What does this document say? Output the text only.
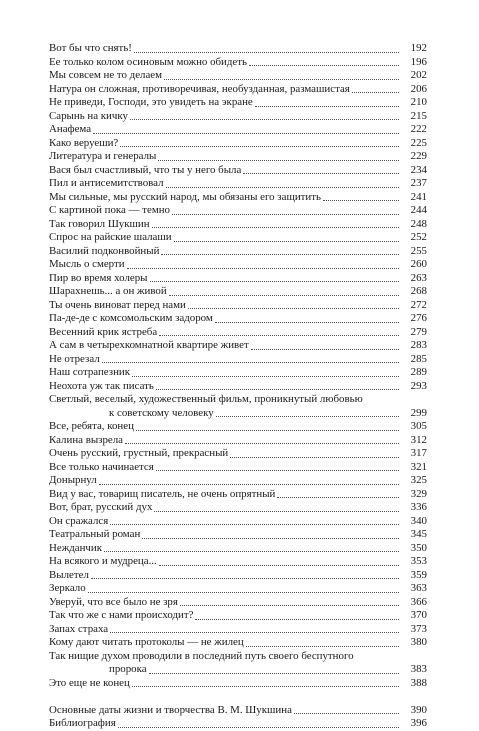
Вот бы что снять!	192
Ее только колом осиновым можно обидеть	196
Мы совсем не то делаем	202
Натура он сложная, противоречивая, необузданная, размашистая	206
Не приведи, Господи, это увидеть на экране	210
Сарынь на кичку	215
Анафема	222
Како веруеши?	225
Литература и генералы	229
Вася был счастливый, что ты у него была	234
Пил и антисемитствовал	237
Мы сильные, мы русский народ, мы обязаны его защитить	241
С картиной пока — темно	244
Так говорил Шукшин	248
Спрос на райские шалаши	252
Василий подконвойный	255
Мысль о смерти	260
Пир во время холеры	263
Шарахнешь... а он живой	268
Ты очень виноват перед нами	272
Па-де-де с комсомольским задором	276
Весенний крик ястреба	279
А сам в четырехкомнатной квартире живет	283
Не отрезал	285
Наш сотрапезник	289
Неохота уж так писать	293
Светлый, веселый, художественный фильм, проникнутый любовью
к советскому человеку	299
Все, ребята, конец	305
Калина вызрела	312
Очень русский, грустный, прекрасный	317
Все только начинается	321
Донырнул	325
Вид у вас, товарищ писатель, не очень опрятный	329
Вот, брат, русский дух	336
Он сражался	340
Театральный роман	345
Нежданчик	350
На всякого и мудреца...	353
Вылетел	359
Зеркало	363
Уверуй, что все было не зря	366
Так что же с нами происходит?	370
Запах страха	373
Кому дают читать протоколы — не жилец	380
Так нищие духом проводили в последний путь своего беспутного
пророка	383
Это еще не конец	388
Основные даты жизни и творчества В. М. Шукшина	390
Библиография	396
